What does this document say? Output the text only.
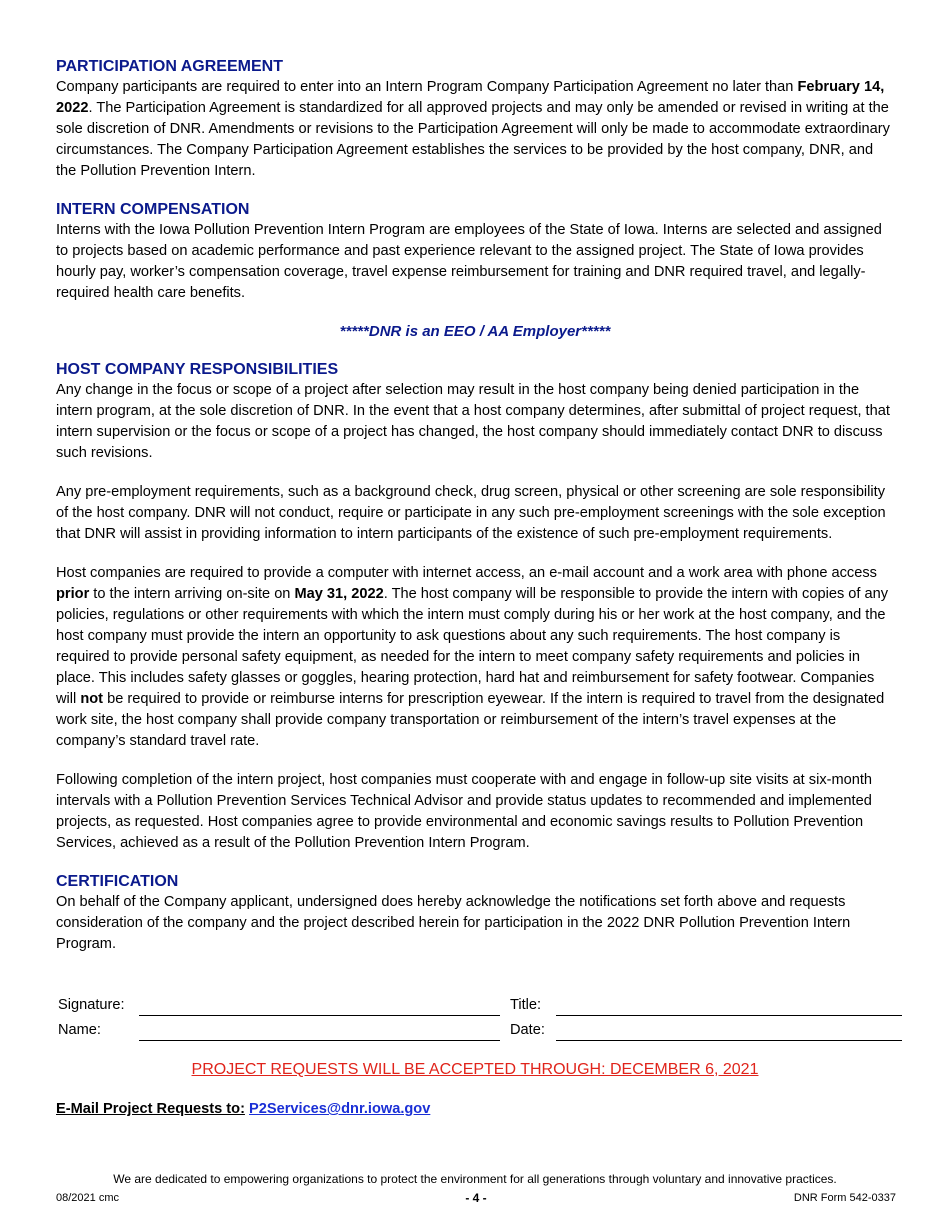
PARTICIPATION AGREEMENT

Company participants are required to enter into an Intern Program Company Participation Agreement no later than February 14, 2022. The Participation Agreement is standardized for all approved projects and may only be amended or revised in writing at the sole discretion of DNR. Amendments or revisions to the Participation Agreement will only be made to accommodate extraordinary circumstances. The Company Participation Agreement establishes the services to be provided by the host company, DNR, and the Pollution Prevention Intern.

INTERN COMPENSATION

Interns with the Iowa Pollution Prevention Intern Program are employees of the State of Iowa. Interns are selected and assigned to projects based on academic performance and past experience relevant to the assigned project. The State of Iowa provides hourly pay, worker’s compensation coverage, travel expense reimbursement for training and DNR required travel, and legally-required health care benefits.

*****DNR is an EEO / AA Employer*****

HOST COMPANY RESPONSIBILITIES

Any change in the focus or scope of a project after selection may result in the host company being denied participation in the intern program, at the sole discretion of DNR. In the event that a host company determines, after submittal of project request, that intern supervision or the focus or scope of a project has changed, the host company should immediately contact DNR to discuss such revisions.

Any pre-employment requirements, such as a background check, drug screen, physical or other screening are sole responsibility of the host company. DNR will not conduct, require or participate in any such pre-employment screenings with the sole exception that DNR will assist in providing information to intern participants of the existence of such pre-employment requirements.

Host companies are required to provide a computer with internet access, an e-mail account and a work area with phone access prior to the intern arriving on-site on May 31, 2022. The host company will be responsible to provide the intern with copies of any policies, regulations or other requirements with which the intern must comply during his or her work at the host company, and the host company must provide the intern an opportunity to ask questions about any such requirements. The host company is required to provide personal safety equipment, as needed for the intern to meet company safety requirements and policies in place. This includes safety glasses or goggles, hearing protection, hard hat and reimbursement for safety footwear. Companies will not be required to provide or reimburse interns for prescription eyewear. If the intern is required to travel from the designated work site, the host company shall provide company transportation or reimbursement of the intern’s travel expenses at the company’s standard travel rate.

Following completion of the intern project, host companies must cooperate with and engage in follow-up site visits at six-month intervals with a Pollution Prevention Services Technical Advisor and provide status updates to recommended and implemented projects, as requested. Host companies agree to provide environmental and economic savings results to Pollution Prevention Services, achieved as a result of the Pollution Prevention Intern Program.

CERTIFICATION

On behalf of the Company applicant, undersigned does hereby acknowledge the notifications set forth above and requests consideration of the company and the project described herein for participation in the 2022 DNR Pollution Prevention Intern Program.

Signature:	Title:
Name:	Date:
PROJECT REQUESTS WILL BE ACCEPTED THROUGH: DECEMBER 6, 2021
E-Mail Project Requests to: P2Services@dnr.iowa.gov
We are dedicated to empowering organizations to protect the environment for all generations through voluntary and innovative practices.
08/2021 cmc	- 4 -	DNR Form 542-0337
